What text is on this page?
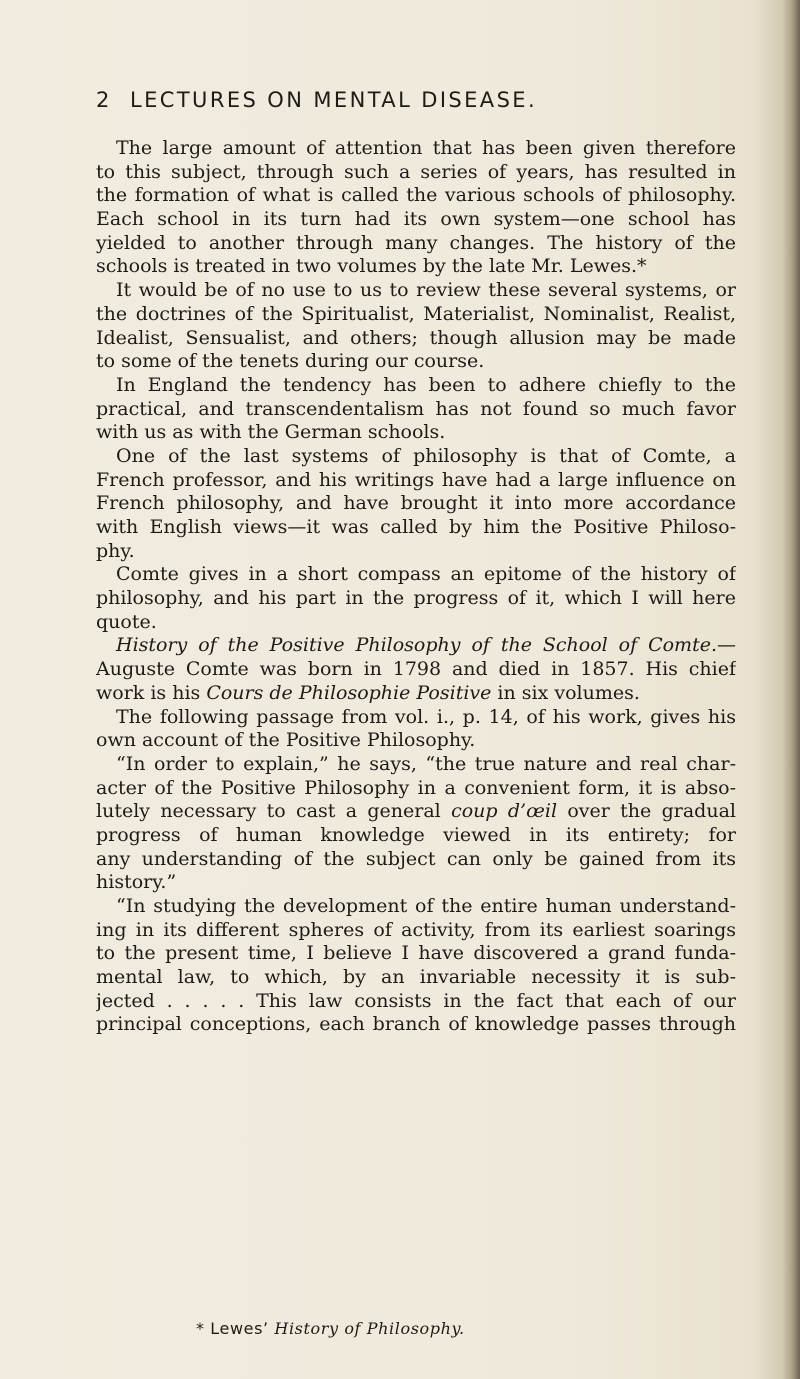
2 LECTURES ON MENTAL DISEASE.
The large amount of attention that has been given therefore
to this subject, through such a series of years, has resulted in
the formation of what is called the various schools of philosophy.
Each school in its turn had its own system—one school has
yielded to another through many changes. The history of the
schools is treated in two volumes by the late Mr. Lewes.*
It would be of no use to us to review these several systems, or
the doctrines of the Spiritualist, Materialist, Nominalist, Realist,
Idealist, Sensualist, and others; though allusion may be made
to some of the tenets during our course.
In England the tendency has been to adhere chiefly to the
practical, and transcendentalism has not found so much favor
with us as with the German schools.
One of the last systems of philosophy is that of Comte, a
French professor, and his writings have had a large influence on
French philosophy, and have brought it into more accordance
with English views—it was called by him the Positive Philoso-
phy.
Comte gives in a short compass an epitome of the history of
philosophy, and his part in the progress of it, which I will here
quote.
History of the Positive Philosophy of the School of Comte.—
Auguste Comte was born in 1798 and died in 1857. His chief
work is his Cours de Philosophie Positive in six volumes.
The following passage from vol. i., p. 14, of his work, gives his
own account of the Positive Philosophy.
“In order to explain,” he says, “the true nature and real char-
acter of the Positive Philosophy in a convenient form, it is abso-
lutely necessary to cast a general coup d’œil over the gradual
progress of human knowledge viewed in its entirety; for
any understanding of the subject can only be gained from its
history.”
“In studying the development of the entire human understand-
ing in its different spheres of activity, from its earliest soarings
to the present time, I believe I have discovered a grand funda-
mental law, to which, by an invariable necessity it is sub-
jected . . . . . This law consists in the fact that each of our
principal conceptions, each branch of knowledge passes through
* Lewes’ History of Philosophy.
